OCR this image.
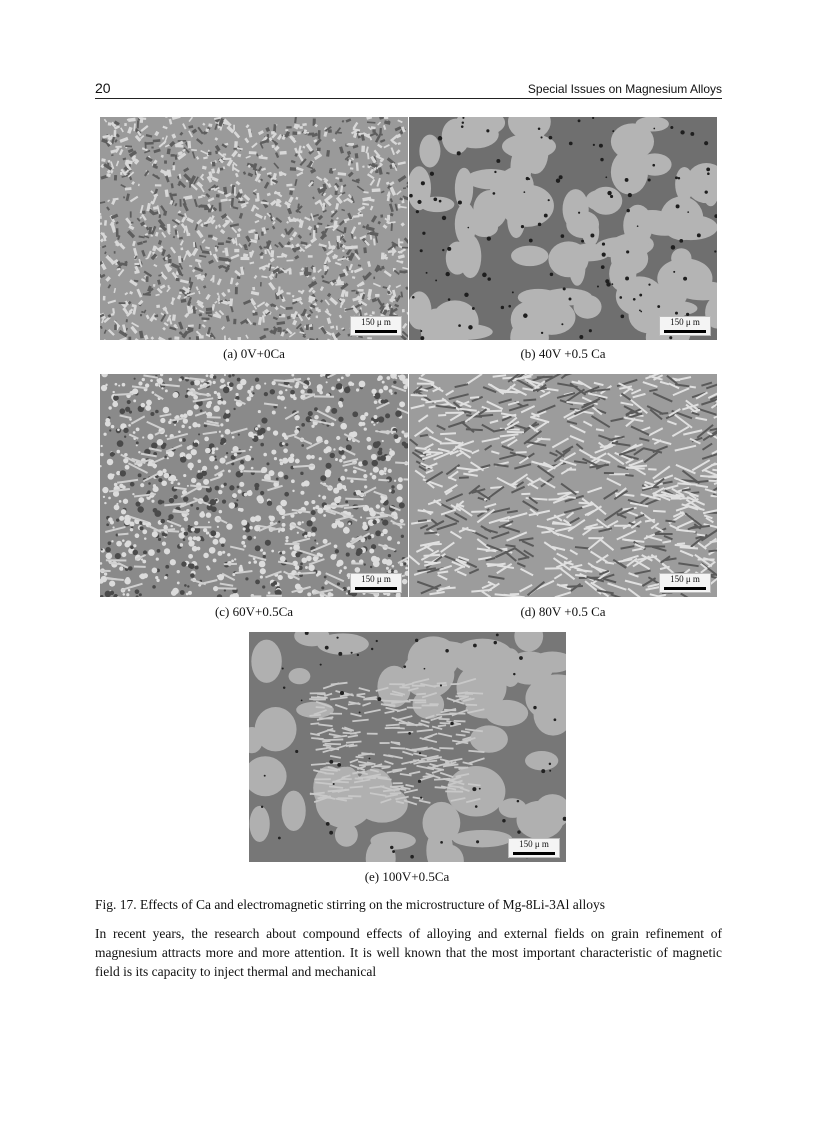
20	Special Issues on Magnesium Alloys
150 μ m
(a) 0V+0Ca
150 μ m
(b) 40V +0.5 Ca
150 μ m
(c) 60V+0.5Ca
150 μ m
(d) 80V +0.5 Ca
150 μ m
(e) 100V+0.5Ca
Fig. 17. Effects of Ca and electromagnetic stirring on the microstructure of Mg-8Li-3Al alloys
In recent years, the research about compound effects of alloying and external fields on grain refinement of magnesium attracts more and more attention. It is well known that the most important characteristic of magnetic field is its capacity to inject thermal and mechanical
